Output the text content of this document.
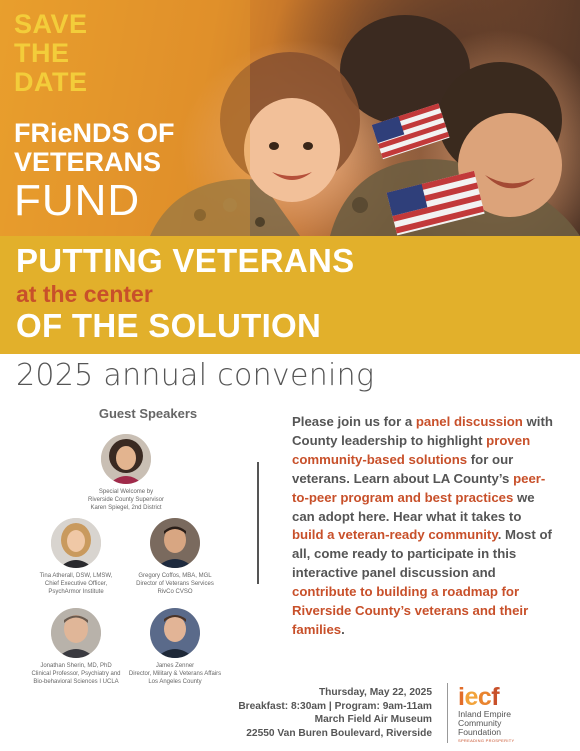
SAVE
THE
DATE
FRieNDS OF
VETERANS
FUND
PUTTING VETERANS
at the center
OF THE SOLUTION
2025 annual convening
Guest Speakers
Special Welcome by
Riverside County Supervisor
Karen Spiegel, 2nd District
Tina Atherall, DSW, LMSW,
Chief Executive Officer,
PsychArmor Institute
Gregory Coffos, MBA, MGL
Director of Veterans Services
RivCo CVSO
Jonathan Sherin, MD, PhD
Clinical Professor, Psychiatry and
Bio-behavioral Sciences I UCLA
James Zenner
Director, Military & Veterans Affairs
Los Angeles County
Please join us for a panel discussion with County leadership to highlight proven community-based solutions for our veterans. Learn about LA County’s peer-to-peer program and best practices we can adopt here. Hear what it takes to build a veteran-ready community. Most of all, come ready to participate in this interactive panel discussion and contribute to building a roadmap for Riverside County’s veterans and their families.
Thursday, May 22, 2025
Breakfast: 8:30am | Program: 9am-11am
March Field Air Museum
22550 Van Buren Boulevard, Riverside
iecf
Inland Empire
Community
Foundation
SPREADING PROSPERITY
